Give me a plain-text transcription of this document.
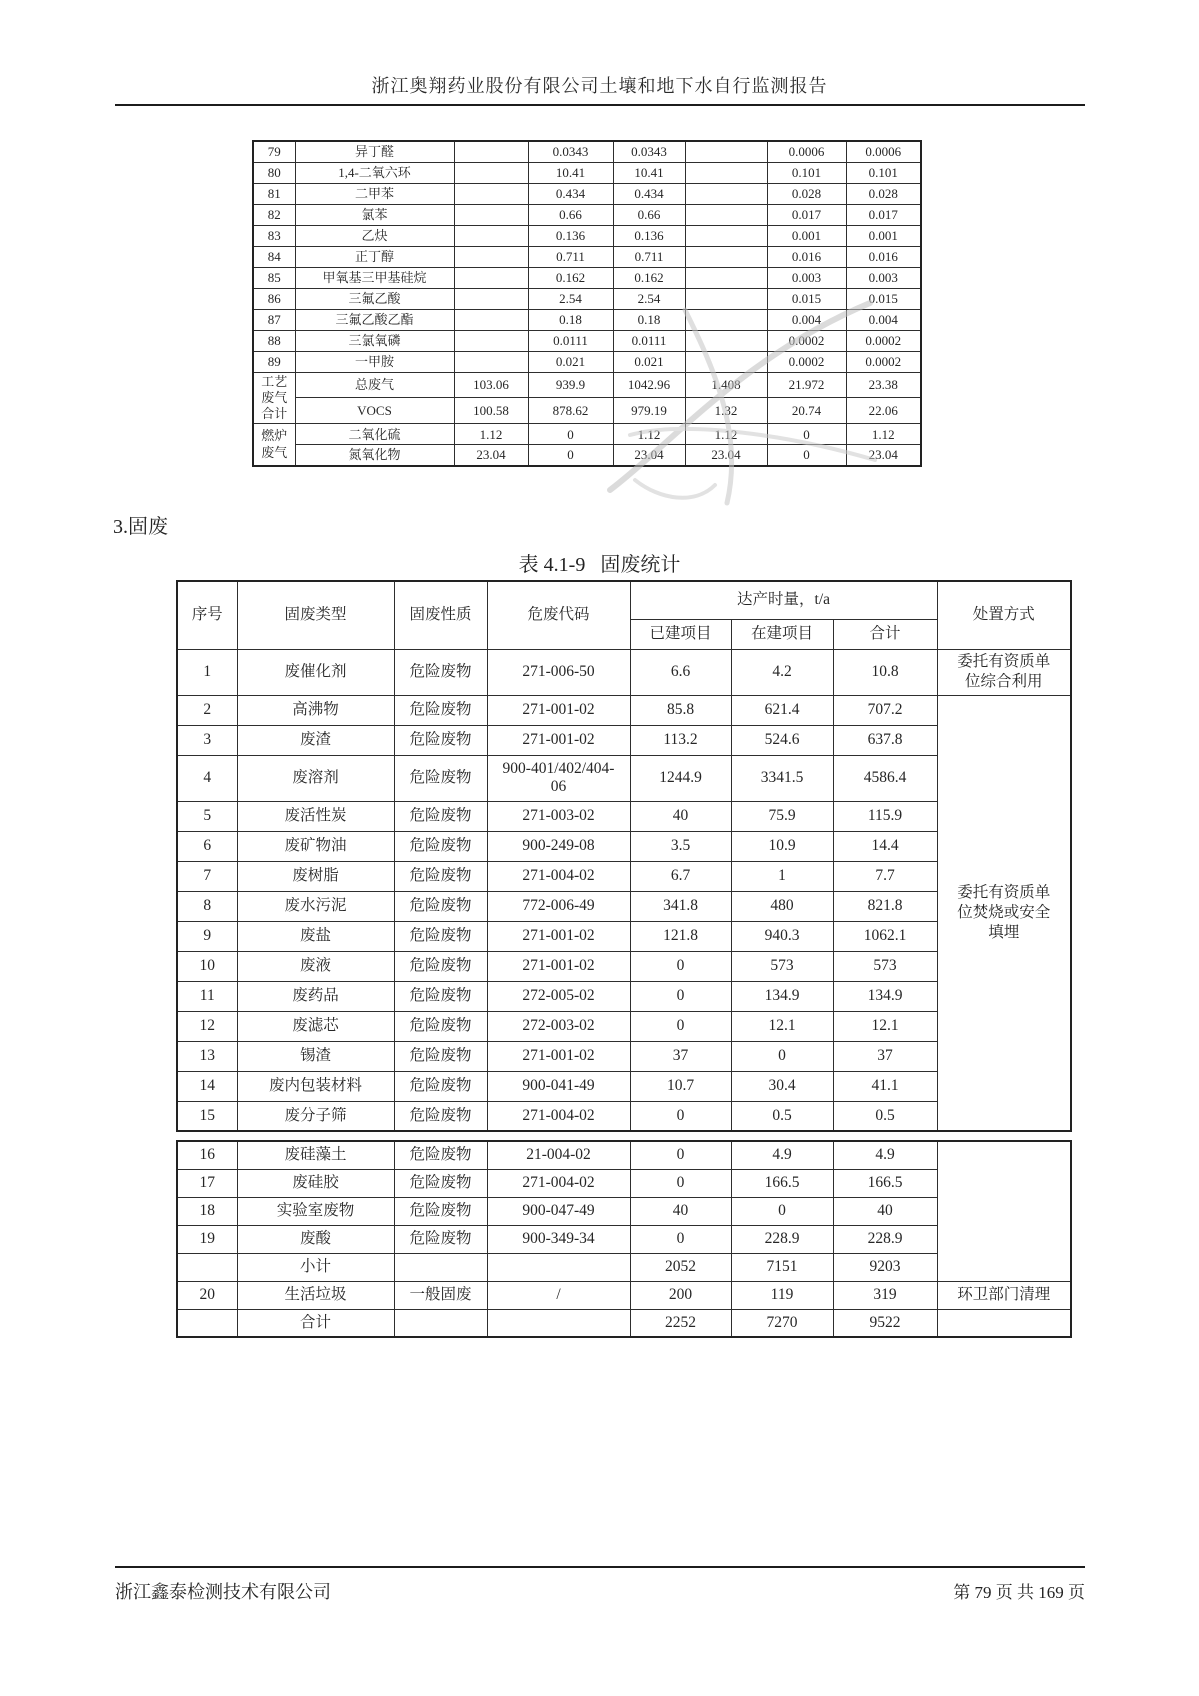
浙江奥翔药业股份有限公司土壤和地下水自行监测报告
79	异丁醛		0.0343	0.0343		0.0006	0.0006
80	1,4-二氧六环		10.41	10.41		0.101	0.101
81	二甲苯		0.434	0.434		0.028	0.028
82	氯苯		0.66	0.66		0.017	0.017
83	乙炔		0.136	0.136		0.001	0.001
84	正丁醇		0.711	0.711		0.016	0.016
85	甲氧基三甲基硅烷		0.162	0.162		0.003	0.003
86	三氟乙酸		2.54	2.54		0.015	0.015
87	三氟乙酸乙酯		0.18	0.18		0.004	0.004
88	三氯氧磷		0.0111	0.0111		0.0002	0.0002
89	一甲胺		0.021	0.021		0.0002	0.0002
工艺废气合计	总废气	103.06	939.9	1042.96	1.408	21.972	23.38
	VOCS	100.58	878.62	979.19	1.32	20.74	22.06
燃炉废气	二氧化硫	1.12	0	1.12	1.12	0	1.12
	氮氧化物	23.04	0	23.04	23.04	0	23.04
3.固废
表 4.1-9   固废统计
序号	固废类型	固废性质	危废代码	达产时量，t/a			处置方式
				已建项目	在建项目	合计	
1	废催化剂	危险废物	271-006-50	6.6	4.2	10.8	委托有资质单位综合利用
2	高沸物	危险废物	271-001-02	85.8	621.4	707.2	委托有资质单位焚烧或安全填埋
3	废渣	危险废物	271-001-02	113.2	524.6	637.8	
4	废溶剂	危险废物	900-401/402/404-06	1244.9	3341.5	4586.4	
5	废活性炭	危险废物	271-003-02	40	75.9	115.9	
6	废矿物油	危险废物	900-249-08	3.5	10.9	14.4	
7	废树脂	危险废物	271-004-02	6.7	1	7.7	
8	废水污泥	危险废物	772-006-49	341.8	480	821.8	
9	废盐	危险废物	271-001-02	121.8	940.3	1062.1	
10	废液	危险废物	271-001-02	0	573	573	
11	废药品	危险废物	272-005-02	0	134.9	134.9	
12	废滤芯	危险废物	272-003-02	0	12.1	12.1	
13	锡渣	危险废物	271-001-02	37	0	37	
14	废内包装材料	危险废物	900-041-49	10.7	30.4	41.1	
15	废分子筛	危险废物	271-004-02	0	0.5	0.5	
16	废硅藻土	危险废物	21-004-02	0	4.9	4.9	
17	废硅胶	危险废物	271-004-02	0	166.5	166.5	
18	实验室废物	危险废物	900-047-49	40	0	40	
19	废酸	危险废物	900-349-34	0	228.9	228.9	
	小计			2052	7151	9203	
20	生活垃圾	一般固废	/	200	119	319	环卫部门清理
	合计			2252	7270	9522	
浙江鑫泰检测技术有限公司	第 79 页 共 169 页
